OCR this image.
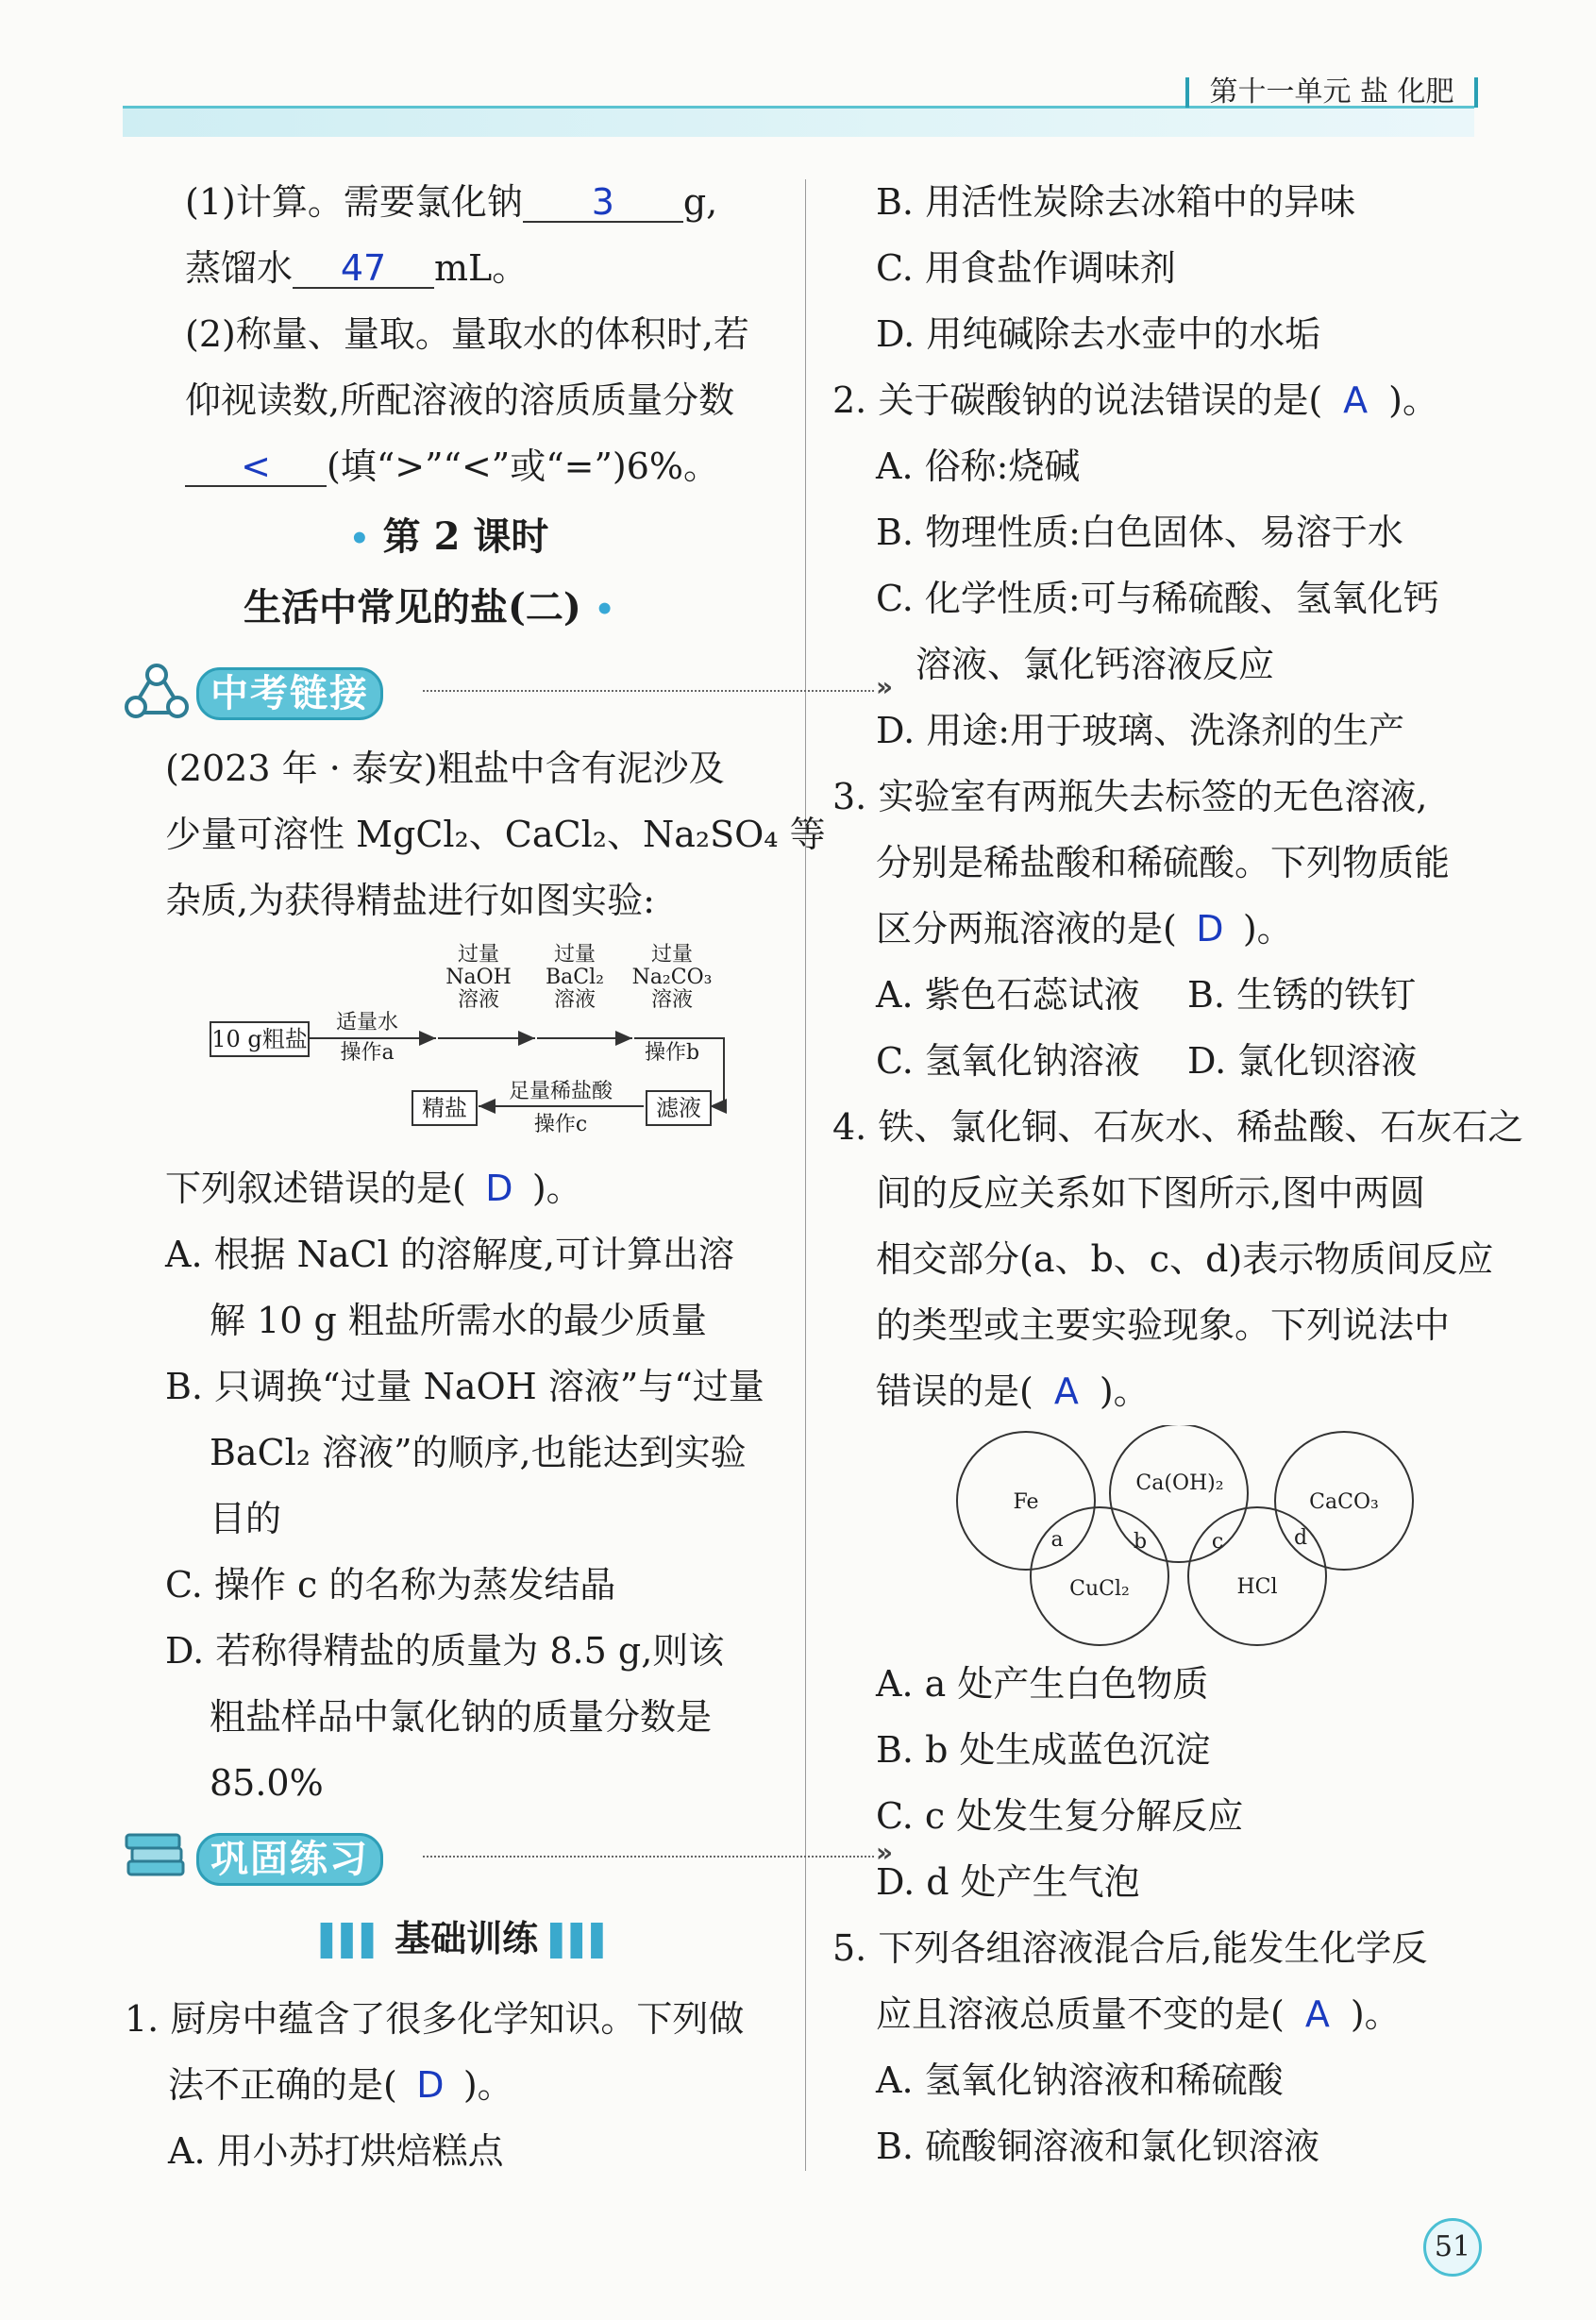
第十一单元 盐 化肥
(1)计算。需要氯化钠 3 g,
蒸馏水 47 mL。
(2)称量、量取。量取水的体积时,若
仰视读数,所配溶液的溶质质量分数
< (填“>”“<”或“=”)6%。
• 第 2 课时
生活中常见的盐(二) •
中考链接	»
(2023 年 · 泰安)粗盐中含有泥沙及
少量可溶性 MgCl₂、CaCl₂、Na₂SO₄ 等
杂质,为获得精盐进行如图实验:
10 g粗盐
适量水
操作a
过量
NaOH
溶液
过量
BaCl₂
溶液
过量
Na₂CO₃
溶液
操作b
滤液
足量稀盐酸
操作c
精盐
下列叙述错误的是( D )。
A. 根据 NaCl 的溶解度,可计算出溶
解 10 g 粗盐所需水的最少质量
B. 只调换“过量 NaOH 溶液”与“过量
BaCl₂ 溶液”的顺序,也能达到实验
目的
C. 操作 c 的名称为蒸发结晶
D. 若称得精盐的质量为 8.5 g,则该
粗盐样品中氯化钠的质量分数是
85.0%
巩固练习	»
▌▌▌ 基础训练 ▌▌▌
1. 厨房中蕴含了很多化学知识。下列做
法不正确的是( D )。
A. 用小苏打烘焙糕点
B. 用活性炭除去冰箱中的异味
C. 用食盐作调味剂
D. 用纯碱除去水壶中的水垢
2. 关于碳酸钠的说法错误的是( A )。
A. 俗称:烧碱
B. 物理性质:白色固体、易溶于水
C. 化学性质:可与稀硫酸、氢氧化钙
溶液、氯化钙溶液反应
D. 用途:用于玻璃、洗涤剂的生产
3. 实验室有两瓶失去标签的无色溶液,
分别是稀盐酸和稀硫酸。下列物质能
区分两瓶溶液的是( D )。
A. 紫色石蕊试液 B. 生锈的铁钉
C. 氢氧化钠溶液 D. 氯化钡溶液
4. 铁、氯化铜、石灰水、稀盐酸、石灰石之
间的反应关系如下图所示,图中两圆
相交部分(a、b、c、d)表示物质间反应
的类型或主要实验现象。下列说法中
错误的是( A )。
Fe
Ca(OH)₂
CaCO₃
CuCl₂	HCl
a	b	c	d
A. a 处产生白色物质
B. b 处生成蓝色沉淀
C. c 处发生复分解反应
D. d 处产生气泡
5. 下列各组溶液混合后,能发生化学反
应且溶液总质量不变的是( A )。
A. 氢氧化钠溶液和稀硫酸
B. 硫酸铜溶液和氯化钡溶液
51
